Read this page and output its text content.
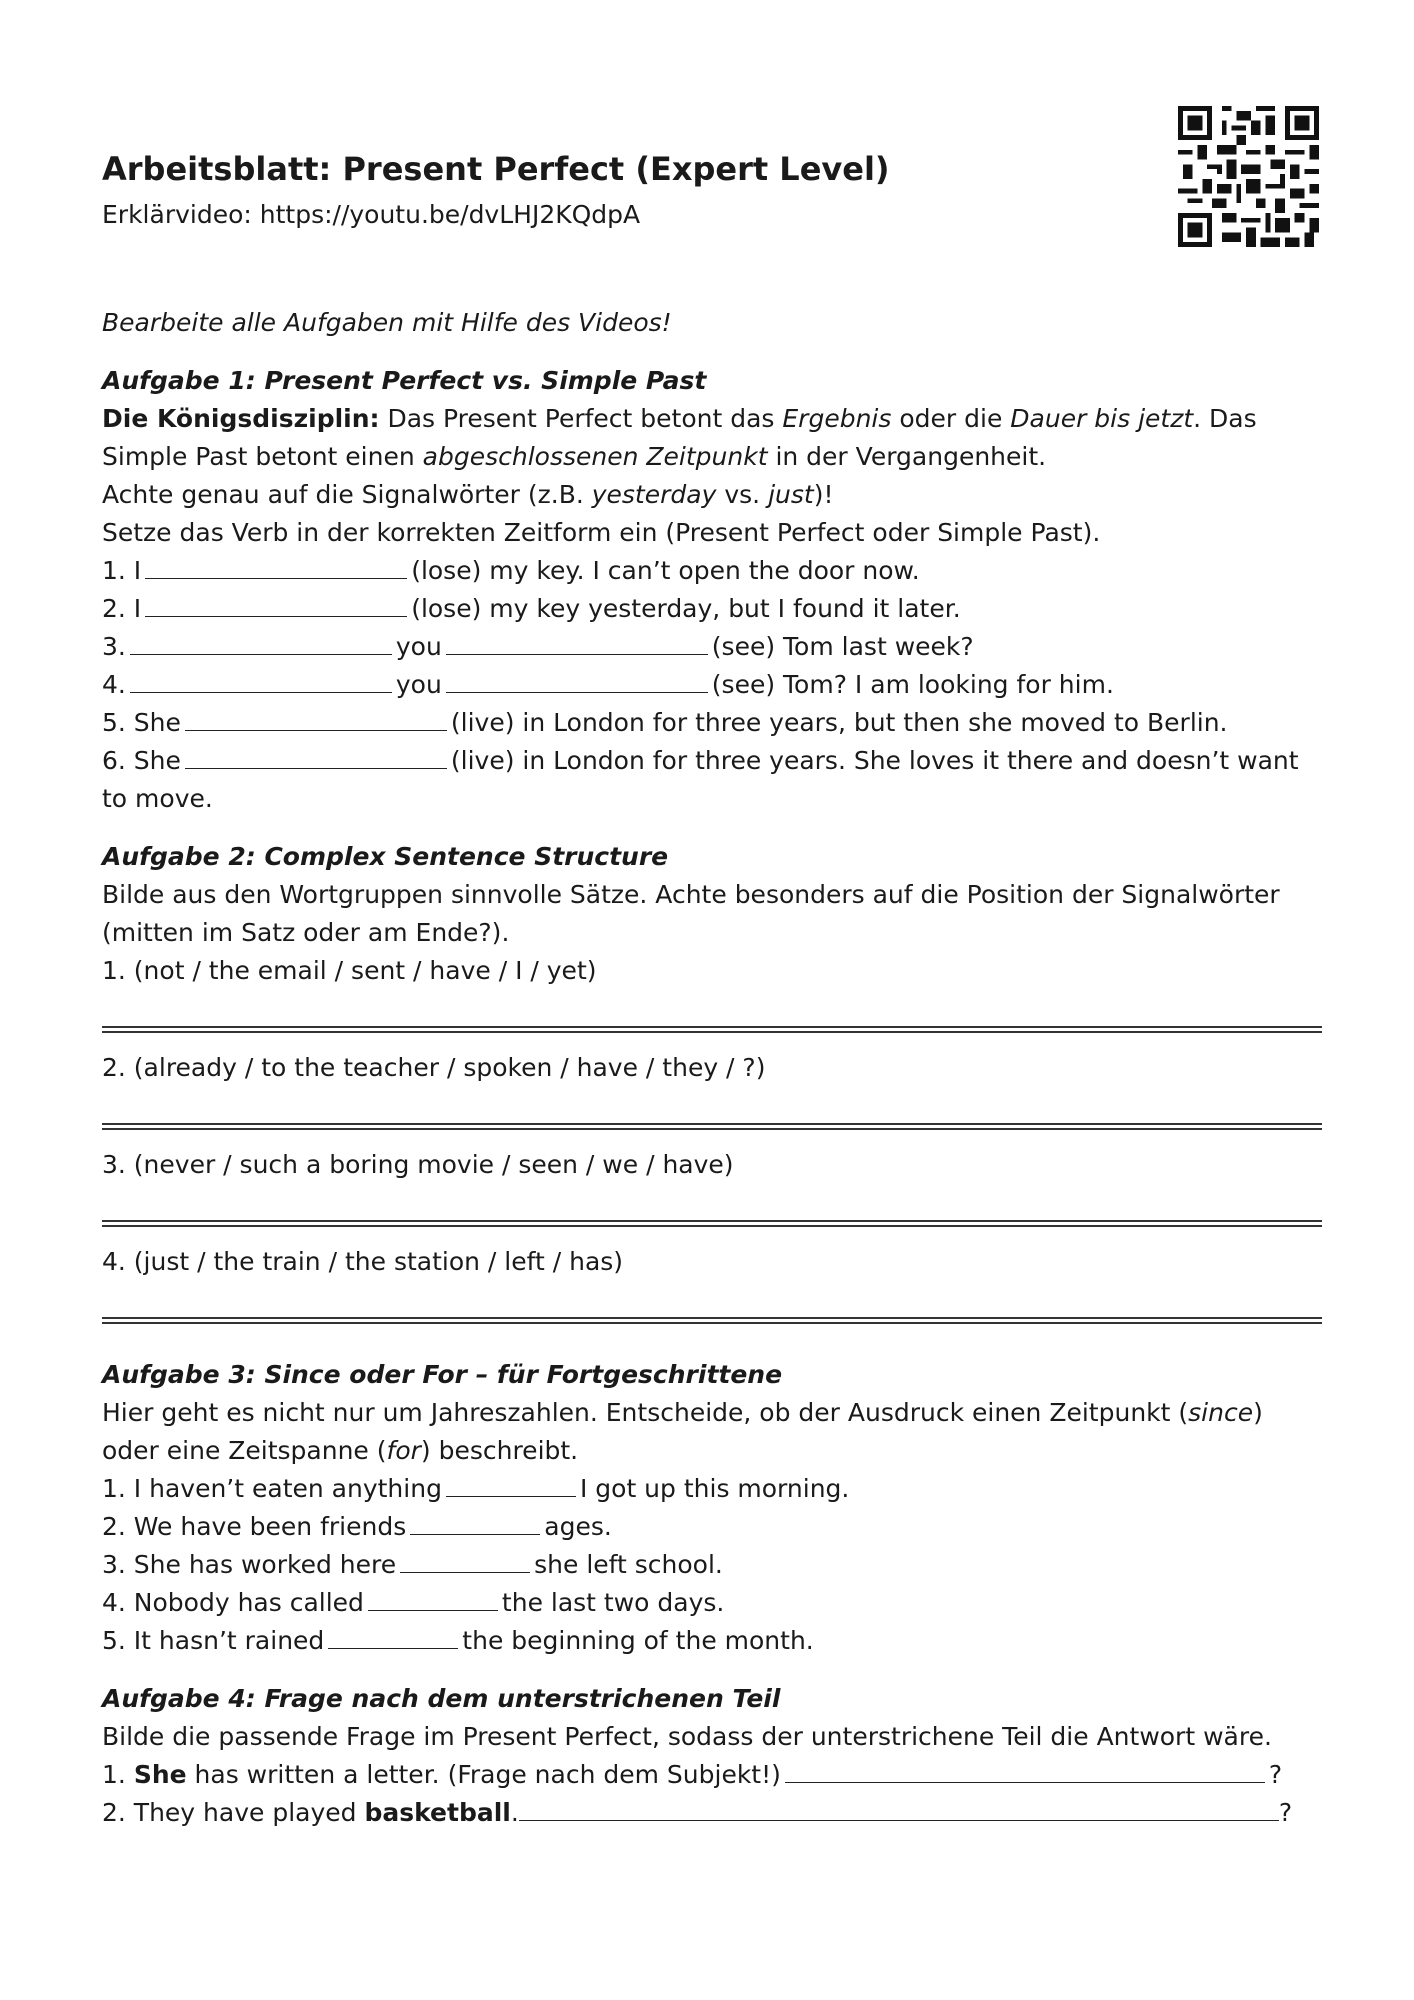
Arbeitsblatt: Present Perfect (Expert Level)
Erklärvideo: https://youtu.be/dvLHJ2KQdpA

Bearbeite alle Aufgaben mit Hilfe des Videos!

Aufgabe 1: Present Perfect vs. Simple Past

Die Königsdisziplin: Das Present Perfect betont das Ergebnis oder die Dauer bis jetzt. Das Simple Past betont einen abgeschlossenen Zeitpunkt in der Vergangenheit.

Achte genau auf die Signalwörter (z.B. yesterday vs. just)!

Setze das Verb in der korrekten Zeitform ein (Present Perfect oder Simple Past).

1. I	(lose) my key. I can’t open the door now.

2. I	(lose) my key yesterday, but I found it later.

3.	you	(see) Tom last week?

4.	you	(see) Tom? I am looking for him.

5. She	(live) in London for three years, but then she moved to Berlin.

6. She	(live) in London for three years. She loves it there and doesn’t want to move.

Aufgabe 2: Complex Sentence Structure

Bilde aus den Wortgruppen sinnvolle Sätze. Achte besonders auf die Position der Signalwörter (mitten im Satz oder am Ende?).

1. (not / the email / sent / have / I / yet)

2. (already / to the teacher / spoken / have / they / ?)

3. (never / such a boring movie / seen / we / have)

4. (just / the train / the station / left / has)

Aufgabe 3: Since oder For – für Fortgeschrittene

Hier geht es nicht nur um Jahreszahlen. Entscheide, ob der Ausdruck einen Zeitpunkt (since) oder eine Zeitspanne (for) beschreibt.

1. I haven’t eaten anything	I got up this morning.

2. We have been friends	ages.

3. She has worked here	she left school.

4. Nobody has called	the last two days.

5. It hasn’t rained	the beginning of the month.

Aufgabe 4: Frage nach dem unterstrichenen Teil

Bilde die passende Frage im Present Perfect, sodass der unterstrichene Teil die Antwort wäre.

1. She has written a letter. (Frage nach dem Subjekt!)	?

2. They have played basketball.	?
